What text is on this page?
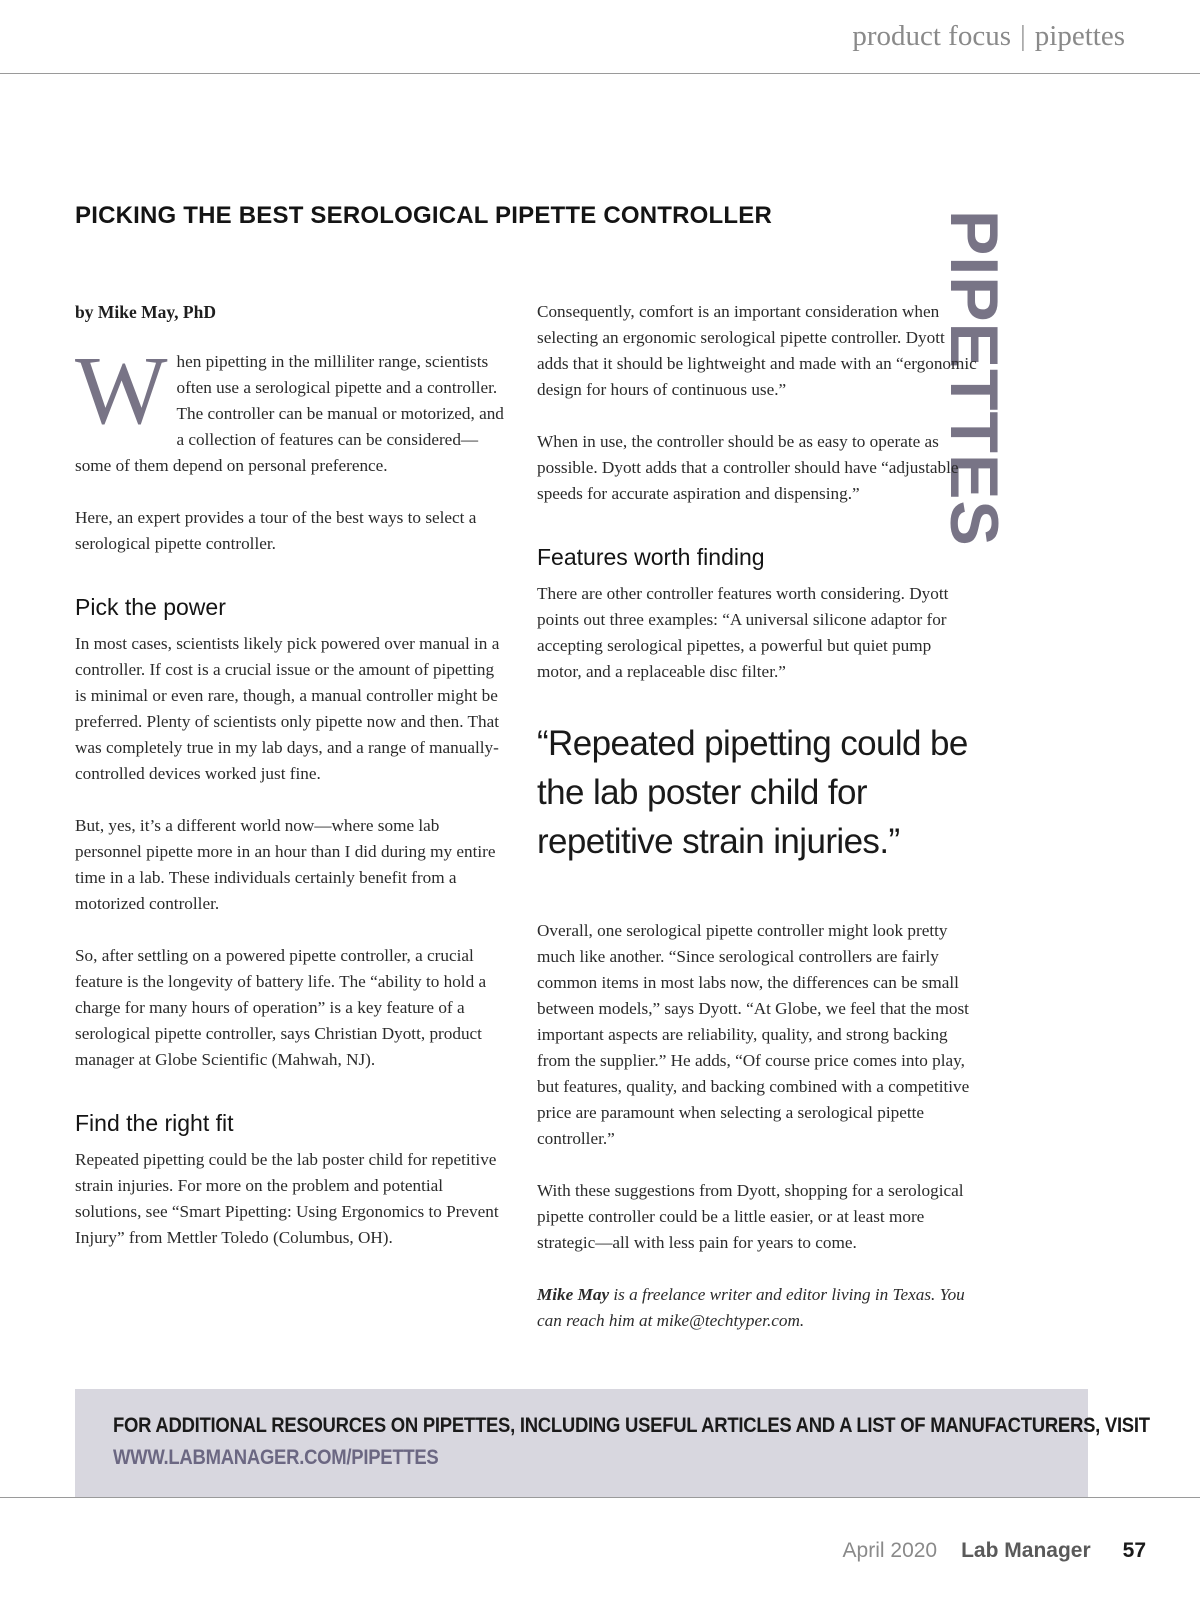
product focus | pipettes
PICKING THE BEST SEROLOGICAL PIPETTE CONTROLLER PIPETTES

by Mike May, PhD

When pipetting in the milliliter range, scientists often use a serological pipette and a controller. The controller can be manual or motorized, and a collection of features can be considered—some of them depend on personal preference.

Here, an expert provides a tour of the best ways to select a serological pipette controller.

Pick the power

In most cases, scientists likely pick powered over manual in a controller. If cost is a crucial issue or the amount of pipetting is minimal or even rare, though, a manual controller might be preferred. Plenty of scientists only pipette now and then. That was completely true in my lab days, and a range of manually-controlled devices worked just fine.

But, yes, it’s a different world now—where some lab personnel pipette more in an hour than I did during my entire time in a lab. These individuals certainly benefit from a motorized controller.

So, after settling on a powered pipette controller, a crucial feature is the longevity of battery life. The “ability to hold a charge for many hours of operation” is a key feature of a serological pipette controller, says Christian Dyott, product manager at Globe Scientific (Mahwah, NJ).

Find the right fit

Repeated pipetting could be the lab poster child for repetitive strain injuries. For more on the problem and potential solutions, see “Smart Pipetting: Using Ergonomics to Prevent Injury” from Mettler Toledo (Columbus, OH).

Consequently, comfort is an important consideration when selecting an ergonomic serological pipette controller. Dyott adds that it should be lightweight and made with an “ergonomic design for hours of continuous use.”

When in use, the controller should be as easy to operate as possible. Dyott adds that a controller should have “adjustable speeds for accurate aspiration and dispensing.”

Features worth finding

There are other controller features worth considering. Dyott points out three examples: “A universal silicone adaptor for accepting serological pipettes, a powerful but quiet pump motor, and a replaceable disc filter.”

“Repeated pipetting could be the lab poster child for repetitive strain injuries.”

Overall, one serological pipette controller might look pretty much like another. “Since serological controllers are fairly common items in most labs now, the differences can be small between models,” says Dyott. “At Globe, we feel that the most important aspects are reliability, quality, and strong backing from the supplier.” He adds, “Of course price comes into play, but features, quality, and backing combined with a competitive price are paramount when selecting a serological pipette controller.”

With these suggestions from Dyott, shopping for a serological pipette controller could be a little easier, or at least more strategic—all with less pain for years to come.

Mike May is a freelance writer and editor living in Texas. You can reach him at mike@techtyper.com.

FOR ADDITIONAL RESOURCES ON PIPETTES, INCLUDING USEFUL ARTICLES AND A LIST OF MANUFACTURERS, VISIT
WWW.LABMANAGER.COM/PIPETTES
April 2020 Lab Manager 57
